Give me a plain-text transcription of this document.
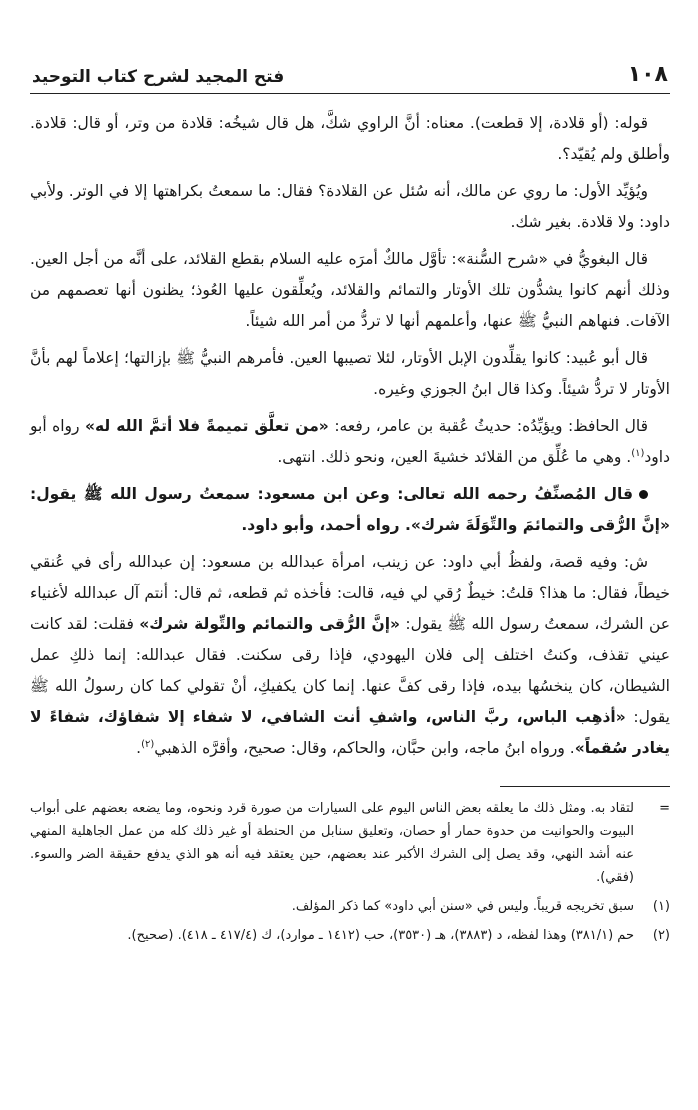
١٠٨
فتح المجيد لشرح كتاب التوحيد

قوله: (أو قلادة، إلا قطعت). معناه: أنَّ الراوي شكَّ، هل قال شيخُه: قلادة من وتر، أو قال: قلادة. وأطلق ولم يُقيّد؟.

ويُؤيِّد الأول: ما روي عن مالك، أنه سُئل عن القلادة؟ فقال: ما سمعتُ بكراهتها إلا في الوتر. ولأبي داود: ولا قلادة. بغير شك.

قال البغويُّ في «شرح السُّنة»: تأوَّل مالكٌ أمرَه عليه السلام بقطع القلائد، على أنَّه من أجل العين. وذلك أنهم كانوا يشدُّون تلك الأوتار والتمائم والقلائد، ويُعلِّقون عليها العُوذ؛ يظنون أنها تعصمهم من الآفات. فنهاهم النبيُّ ﷺ عنها، وأعلمهم أنها لا تردُّ من أمر الله شيئاً.

قال أبو عُبيد: كانوا يقلِّدون الإبل الأوتار، لئلا تصيبها العين. فأمرهم النبيُّ ﷺ بإزالتها؛ إعلاماً لهم بأنَّ الأوتار لا تردُّ شيئاً. وكذا قال ابنُ الجوزي وغيره.

قال الحافظ: ويؤيِّدُه: حديثُ عُقبة بن عامر، رفعه: «من تعلَّق تميمةً فلا أتمَّ الله له» رواه أبو داود$^{(١)}$. وهي ما عُلِّق من القلائد خشيةَ العين، ونحو ذلك. انتهى.

قال المُصنِّفُ رحمه الله تعالى: وعن ابن مسعود: سمعتُ رسول الله ﷺ يقول: «إنَّ الرُّقى والتمائمَ والتِّوَلَةَ شرك». رواه أحمد، وأبو داود.

ش: وفيه قصة، ولفظُ أبي داود: عن زينب، امرأة عبدالله بن مسعود: إن عبدالله رأى في عُنقي خيطاً، فقال: ما هذا؟ قلتُ: خيطٌ رُقي لي فيه، قالت: فأخذه ثم قطعه، ثم قال: أنتم آل عبدالله لأغنياء عن الشرك، سمعتُ رسول الله ﷺ يقول: «إنَّ الرُّقى والتمائم والتِّولة شرك» فقلت: لقد كانت عيني تقذف، وكنتُ اختلف إلى فلان اليهودي، فإذا رقى سكنت. فقال عبدالله: إنما ذلكِ عمل الشيطان، كان ينخسُها بيده، فإذا رقى كفَّ عنها. إنما كان يكفيكِ، أنْ تقولي كما كان رسولُ الله ﷺ يقول: «أذهِب الباس، ربَّ الناس، واشفِ أنت الشافي، لا شفاء إلا شفاؤك، شفاءً لا يغادر سُقماً». ورواه ابنُ ماجه، وابن حبَّان، والحاكم، وقال: صحيح، وأقرَّه الذهبي$^{(٢)}$.

=
لتقاد به. ومثل ذلك ما يعلقه بعض الناس اليوم على السيارات من صورة قرد ونحوه، وما يضعه بعضهم على أبواب البيوت والحوانيت من حدوة حمار أو حصان، وتعليق سنابل من الحنطة أو غير ذلك كله من عمل الجاهلية المنهي عنه أشد النهي، وقد يصل إلى الشرك الأكبر عند بعضهم، حين يعتقد فيه أنه هو الذي يدفع حقيقة الضر والسوء. (فقي).
(١)
سبق تخريجه قريباً. وليس في «سنن أبي داود» كما ذكر المؤلف.
(٢)
حم (٣٨١/١) وهذا لفظه، د (٣٨٨٣)، هـ (٣٥٣٠)، حب (١٤١٢ ـ موارد)، ك (٤١٧/٤ ـ ٤١٨). (صحيح).
